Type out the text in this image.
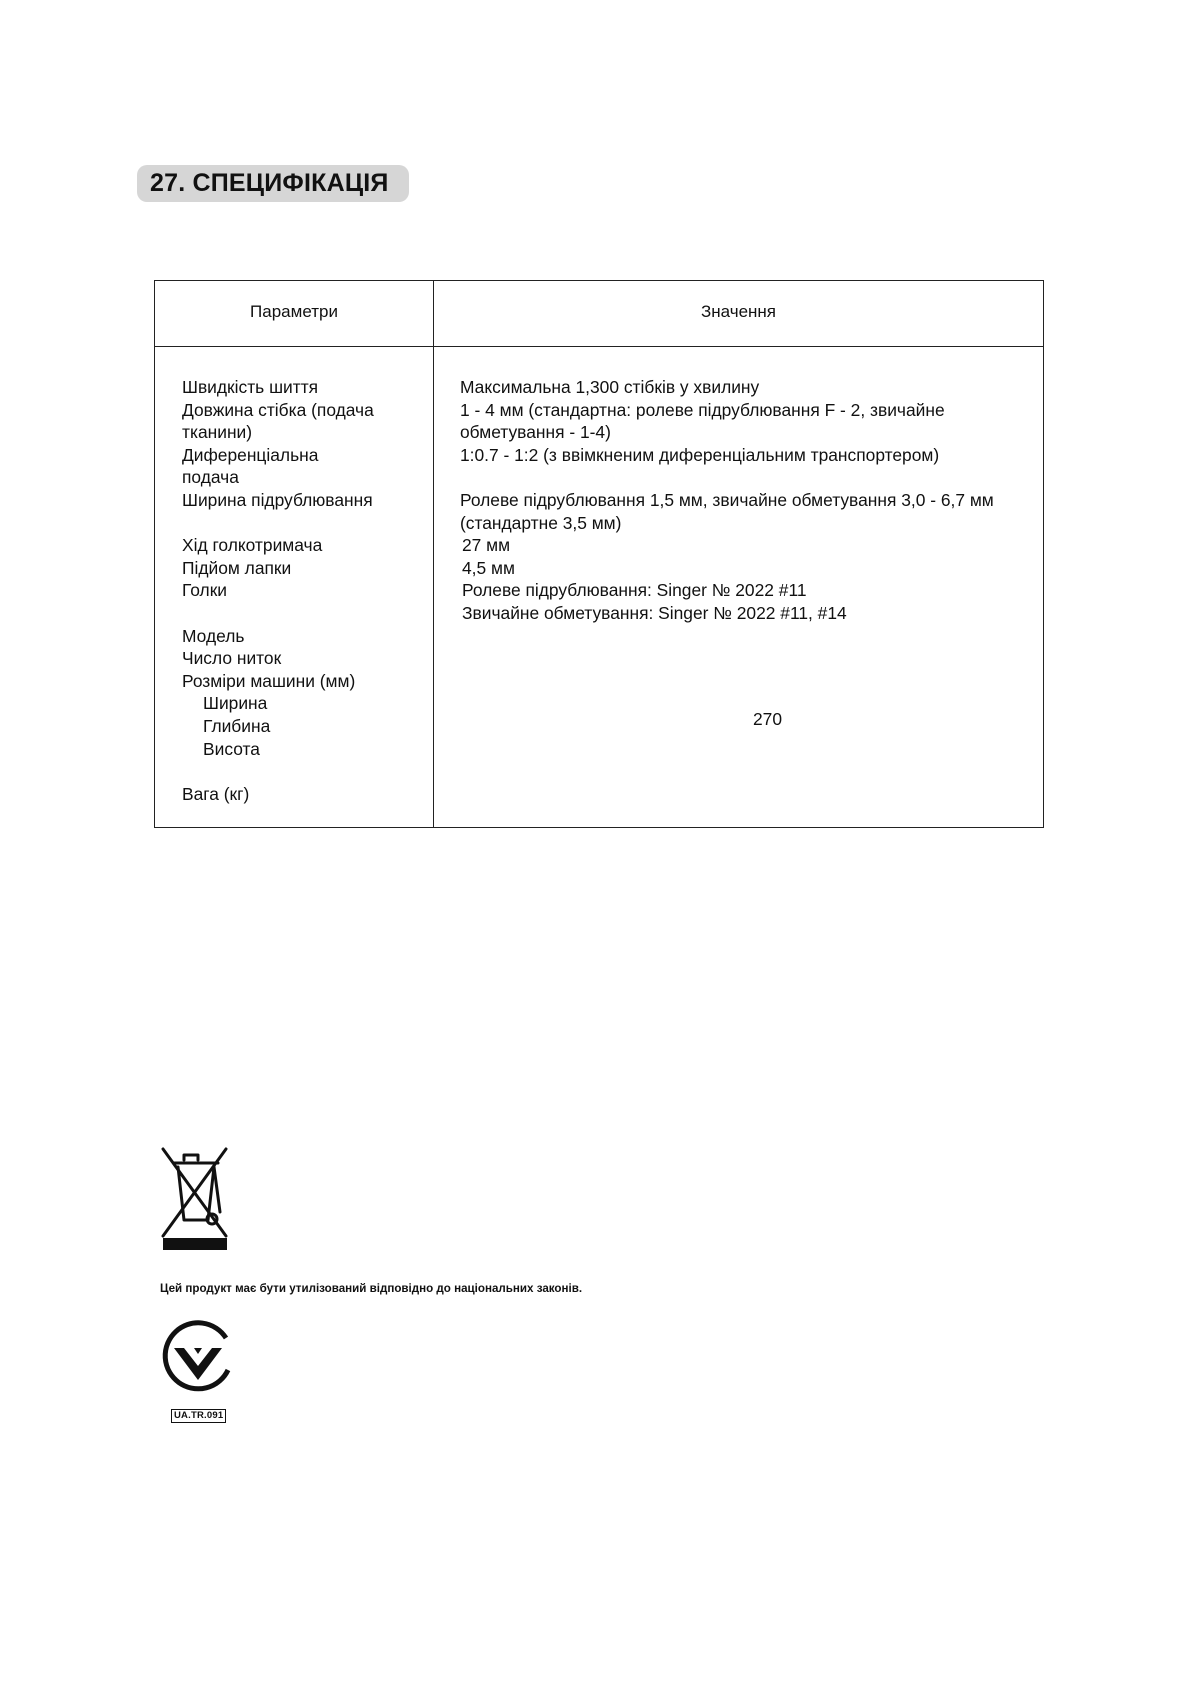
27. СПЕЦИФІКАЦІЯ
Параметри	Значення
Швидкість шиття
Довжина стібка (подача
тканини)
Диференціальна
подача
Ширина підрублювання
Хід голкотримача
Підйом лапки
Голки
Модель
Число ниток
Розміри машини (мм)
Ширина
Глибина
Висота
Вага (кг)
Максимальна 1,300 стібків у хвилину
1 - 4 мм (стандартна: ролеве підрублювання F - 2, звичайне
обметування - 1-4)
1:0.7 - 1:2 (з ввімкненим диференціальним транспортером)
Ролеве підрублювання 1,5 мм, звичайне обметування 3,0 - 6,7 мм
(стандартне 3,5 мм)
27 мм
4,5 мм
Ролеве підрублювання: Singer № 2022 #11
Звичайне обметування: Singer № 2022 #11, #14
270
Цей продукт має бути утилізований відповідно до національних законів.
UA.TR.091
